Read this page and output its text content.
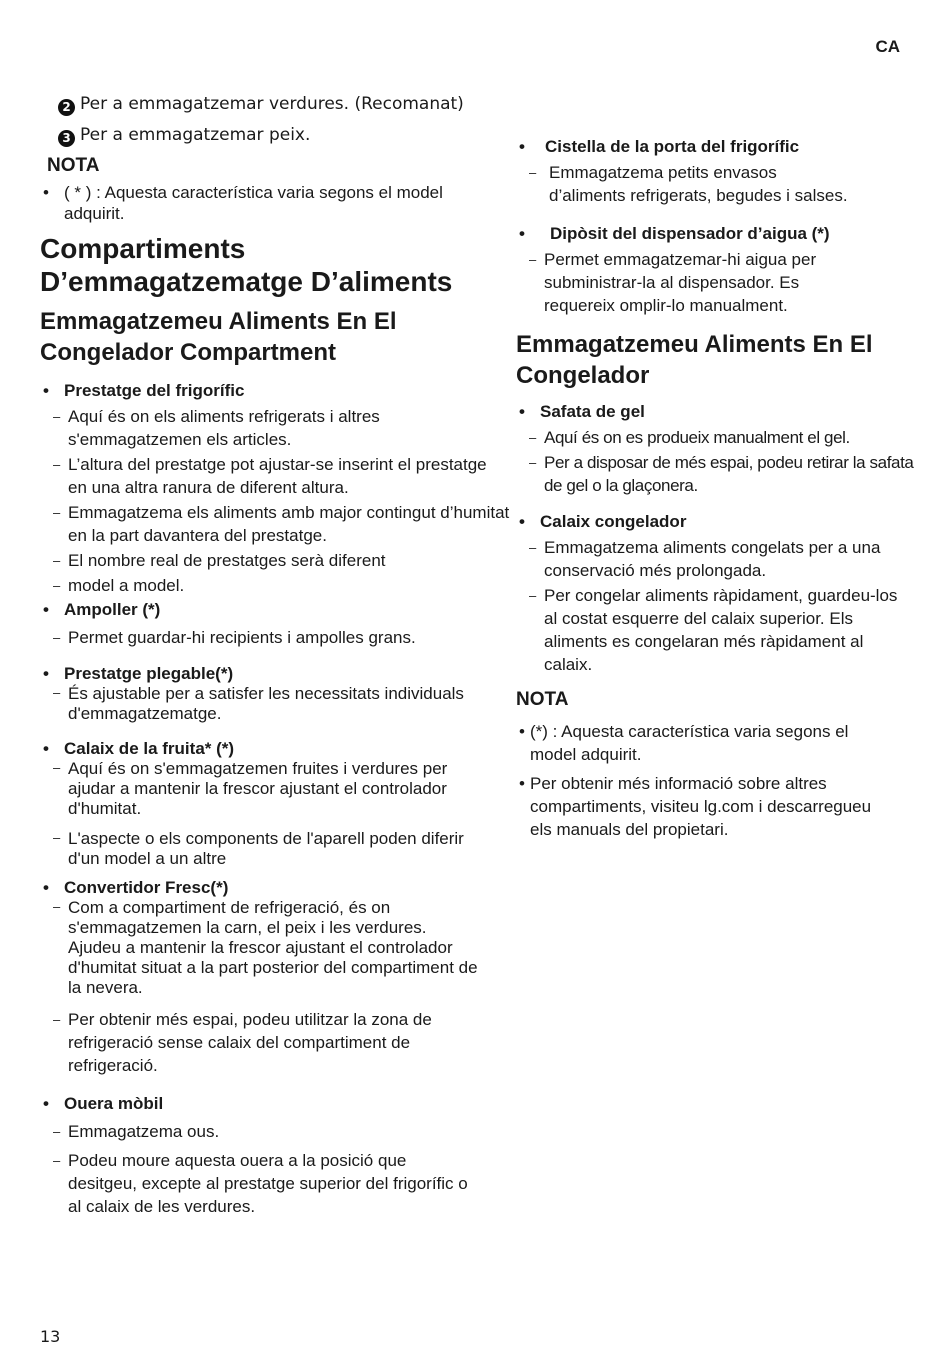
CA
2 Per a emmagatzemar verdures. (Recomanat)
3 Per a emmagatzemar peix.
NOTA
• ( * ) : Aquesta característica varia segons el model adquirit.
Compartiments D’emmagatzematge D’aliments
Emmagatzemeu Aliments En El Congelador Compartment
• Prestatge del frigorífic
– Aquí és on els aliments refrigerats i altres s'emmagatzemen els articles.
– L’altura del prestatge pot ajustar-se inserint el prestatge en una altra ranura de diferent altura.
– Emmagatzema els aliments amb major contingut d’humitat en la part davantera del prestatge.
– El nombre real de prestatges serà diferent
– model a model.
• Ampoller (*)
– Permet guardar-hi recipients i ampolles grans.
• Prestatge plegable(*)
– És ajustable per a satisfer les necessitats individuals d'emmagatzematge.
• Calaix de la fruita* (*)
– Aquí és on s'emmagatzemen fruites i verdures per ajudar a mantenir la frescor ajustant el controlador d'humitat.
– L'aspecte o els components de l'aparell poden diferir d'un model a un altre
• Convertidor Fresc(*)
– Com a compartiment de refrigeració, és on s'emmagatzemen la carn, el peix i les verdures. Ajudeu a mantenir la frescor ajustant el controlador d'humitat situat a la part posterior del compartiment de la nevera.
– Per obtenir més espai, podeu utilitzar la zona de refrigeració sense calaix del compartiment de refrigeració.
• Ouera mòbil
– Emmagatzema ous.
– Podeu moure aquesta ouera a la posició que desitgeu, excepte al prestatge superior del frigorífic o al calaix de les verdures.
• Cistella de la porta del frigorífic
– Emmagatzema petits envasos d’aliments refrigerats, begudes i salses.
• Dipòsit del dispensador d’aigua (*)
– Permet emmagatzemar-hi aigua per subministrar-la al dispensador. Es requereix omplir-lo manualment.
Emmagatzemeu Aliments En El Congelador
• Safata de gel
– Aquí és on es produeix manualment el gel.
– Per a disposar de més espai, podeu retirar la safata de gel o la glaçonera.
• Calaix congelador
– Emmagatzema aliments congelats per a una conservació més prolongada.
– Per congelar aliments ràpidament, guardeu-los al costat esquerre del calaix superior. Els aliments es congelaran més ràpidament al calaix.
NOTA
• (*) : Aquesta característica varia segons el model adquirit.
• Per obtenir més informació sobre altres compartiments, visiteu lg.com i descarregueu els manuals del propietari.
13
